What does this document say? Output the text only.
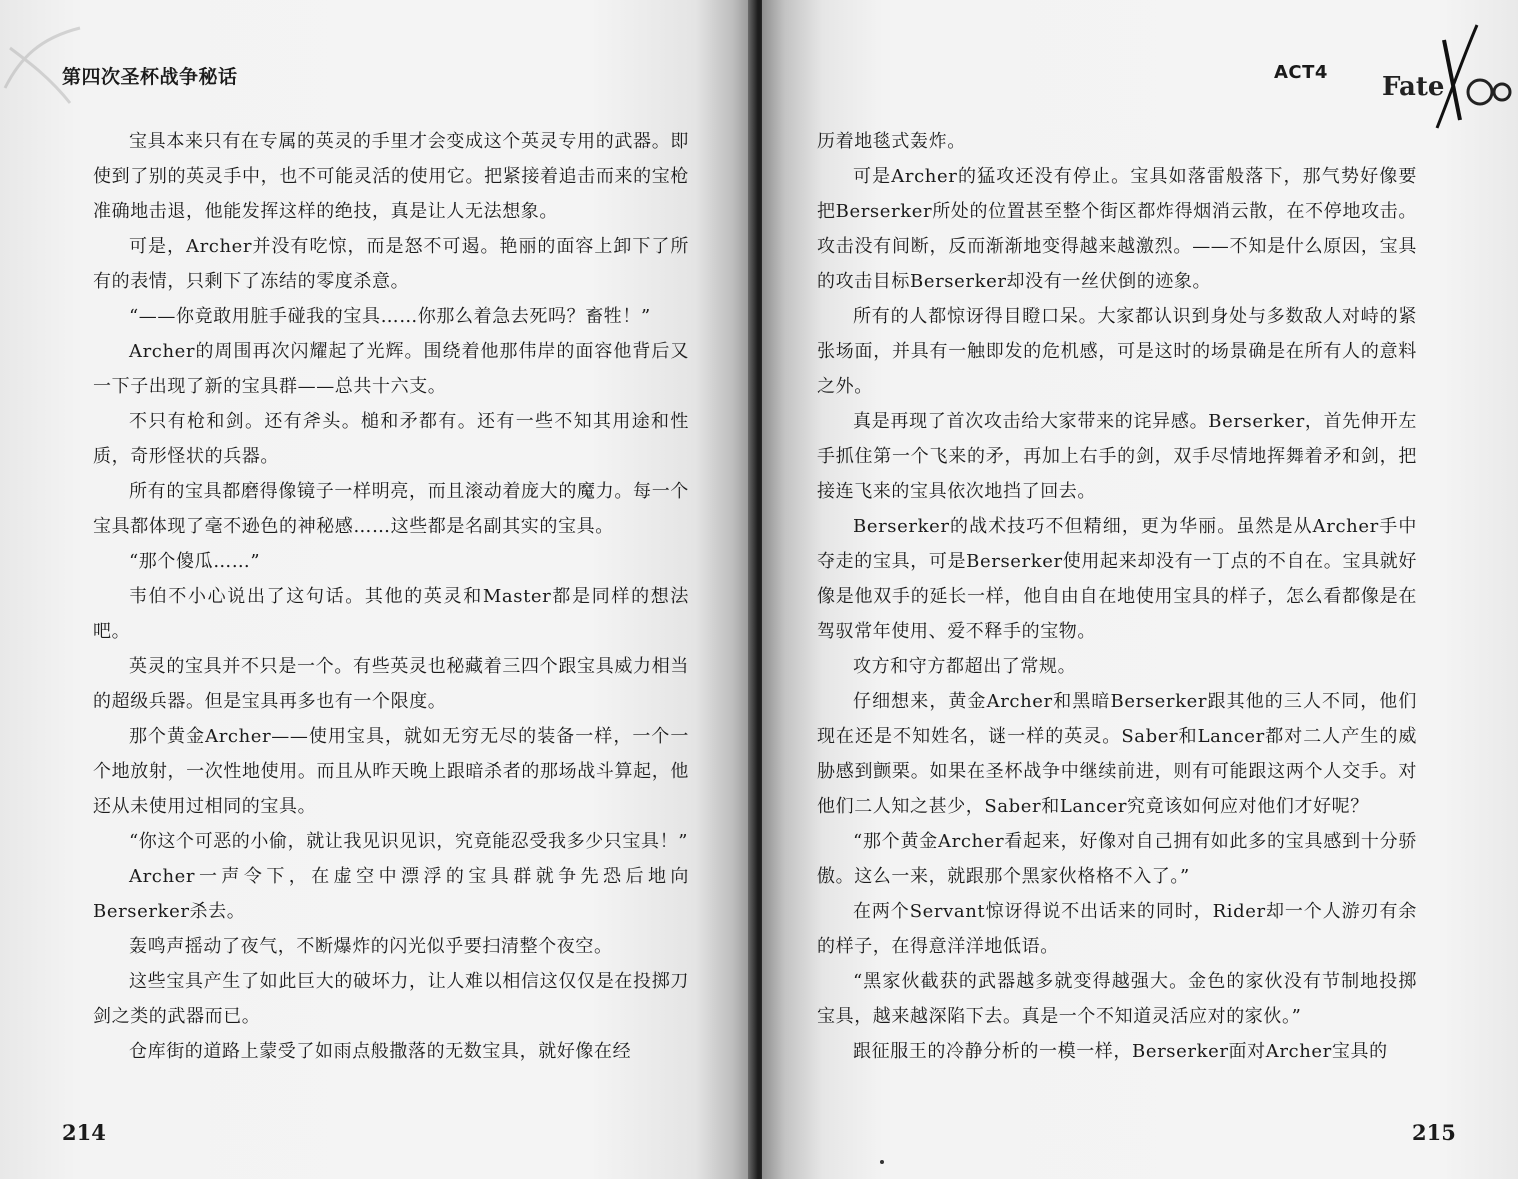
第四次圣杯战争秘话

宝具本来只有在专属的英灵的手里才会变成这个英灵专用的武器。即使到了别的英灵手中，也不可能灵活的使用它。把紧接着追击而来的宝枪准确地击退，他能发挥这样的绝技，真是让人无法想象。

可是，Archer并没有吃惊，而是怒不可遏。艳丽的面容上卸下了所有的表情，只剩下了冻结的零度杀意。

“——你竟敢用脏手碰我的宝具……你那么着急去死吗？畜牲！”

Archer的周围再次闪耀起了光辉。围绕着他那伟岸的面容他背后又一下子出现了新的宝具群——总共十六支。

不只有枪和剑。还有斧头。槌和矛都有。还有一些不知其用途和性质，奇形怪状的兵器。

所有的宝具都磨得像镜子一样明亮，而且滚动着庞大的魔力。每一个宝具都体现了毫不逊色的神秘感……这些都是名副其实的宝具。

“那个傻瓜……”

韦伯不小心说出了这句话。其他的英灵和Master都是同样的想法吧。

英灵的宝具并不只是一个。有些英灵也秘藏着三四个跟宝具威力相当的超级兵器。但是宝具再多也有一个限度。

那个黄金Archer——使用宝具，就如无穷无尽的装备一样，一个一个地放射，一次性地使用。而且从昨天晚上跟暗杀者的那场战斗算起，他还从未使用过相同的宝具。

“你这个可恶的小偷，就让我见识见识，究竟能忍受我多少只宝具！”

Archer一声令下，在虚空中漂浮的宝具群就争先恐后地向Berserker杀去。

轰鸣声摇动了夜气，不断爆炸的闪光似乎要扫清整个夜空。

这些宝具产生了如此巨大的破坏力，让人难以相信这仅仅是在投掷刀剑之类的武器而已。

仓库街的道路上蒙受了如雨点般撒落的无数宝具，就好像在经

214
ACT4 Fate

历着地毯式轰炸。

可是Archer的猛攻还没有停止。宝具如落雷般落下，那气势好像要把Berserker所处的位置甚至整个街区都炸得烟消云散，在不停地攻击。攻击没有间断，反而渐渐地变得越来越激烈。——不知是什么原因，宝具的攻击目标Berserker却没有一丝伏倒的迹象。

所有的人都惊讶得目瞪口呆。大家都认识到身处与多数敌人对峙的紧张场面，并具有一触即发的危机感，可是这时的场景确是在所有人的意料之外。

真是再现了首次攻击给大家带来的诧异感。Berserker，首先伸开左手抓住第一个飞来的矛，再加上右手的剑，双手尽情地挥舞着矛和剑，把接连飞来的宝具依次地挡了回去。

Berserker的战术技巧不但精细，更为华丽。虽然是从Archer手中夺走的宝具，可是Berserker使用起来却没有一丁点的不自在。宝具就好像是他双手的延长一样，他自由自在地使用宝具的样子，怎么看都像是在驾驭常年使用、爱不释手的宝物。

攻方和守方都超出了常规。

仔细想来，黄金Archer和黑暗Berserker跟其他的三人不同，他们现在还是不知姓名，谜一样的英灵。Saber和Lancer都对二人产生的威胁感到颤栗。如果在圣杯战争中继续前进，则有可能跟这两个人交手。对他们二人知之甚少，Saber和Lancer究竟该如何应对他们才好呢？

“那个黄金Archer看起来，好像对自己拥有如此多的宝具感到十分骄傲。这么一来，就跟那个黑家伙格格不入了。”

在两个Servant惊讶得说不出话来的同时，Rider却一个人游刃有余的样子，在得意洋洋地低语。

“黑家伙截获的武器越多就变得越强大。金色的家伙没有节制地投掷宝具，越来越深陷下去。真是一个不知道灵活应对的家伙。”

跟征服王的冷静分析的一模一样，Berserker面对Archer宝具的

215
